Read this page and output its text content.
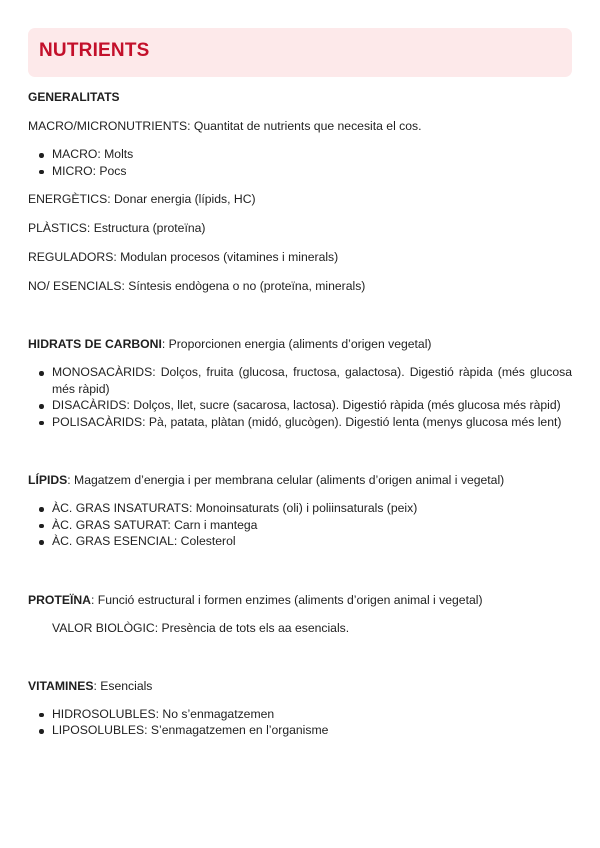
NUTRIENTS

GENERALITATS

MACRO/MICRONUTRIENTS: Quantitat de nutrients que necesita el cos.

MACRO: Molts
MICRO: Pocs

ENERGÈTICS: Donar energia (lípids, HC)

PLÀSTICS: Estructura (proteïna)

REGULADORS: Modulan procesos (vitamines i minerals)

NO/ ESENCIALS: Síntesis endògena o no (proteïna, minerals)

HIDRATS DE CARBONI: Proporcionen energia (aliments d’origen vegetal)

MONOSACÀRIDS: Dolços, fruita (glucosa, fructosa, galactosa). Digestió ràpida (més glucosa més ràpid)
DISACÀRIDS: Dolços, llet, sucre (sacarosa, lactosa). Digestió ràpida (més glucosa més ràpid)
POLISACÀRIDS: Pà, patata, plàtan (midó, glucògen). Digestió lenta (menys glucosa més lent)

LÍPIDS: Magatzem d’energia i per membrana celular (aliments d’origen animal i vegetal)

ÀC. GRAS INSATURATS: Monoinsaturats (oli) i poliinsaturals (peix)
ÀC. GRAS SATURAT: Carn i mantega
ÀC. GRAS ESENCIAL: Colesterol

PROTEÏNA: Funció estructural i formen enzimes (aliments d’origen animal i vegetal)

VALOR BIOLÒGIC: Presència de tots els aa esencials.

VITAMINES: Esencials

HIDROSOLUBLES: No s’enmagatzemen
LIPOSOLUBLES: S’enmagatzemen en l’organisme
